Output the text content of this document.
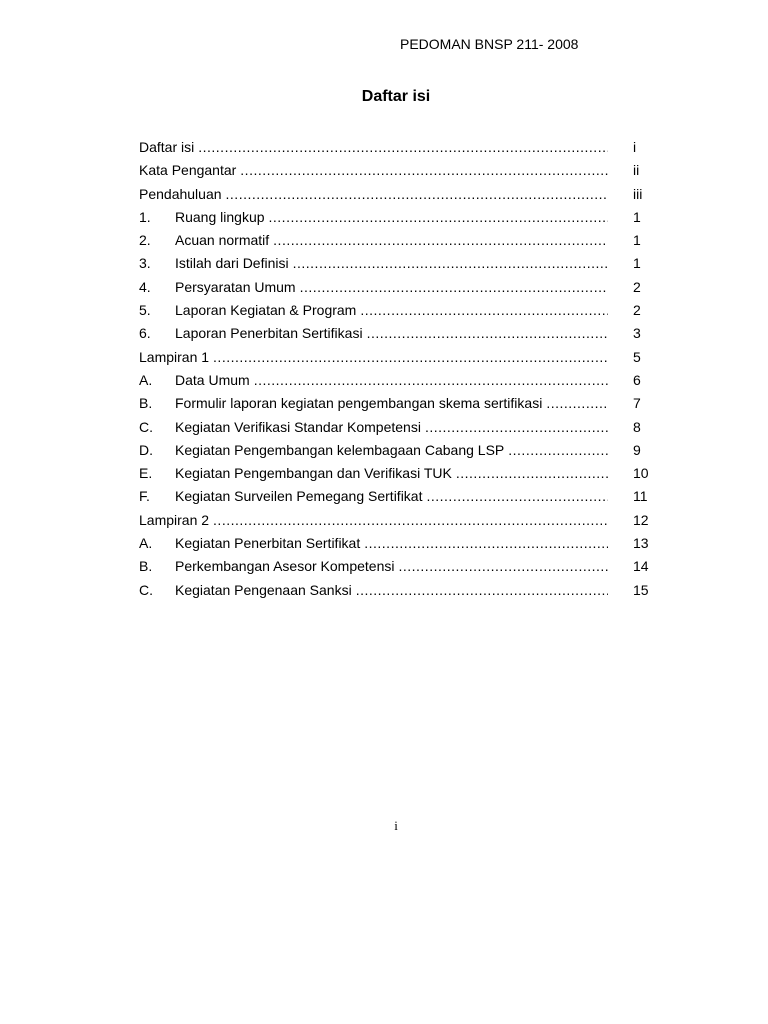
PEDOMAN BNSP 211- 2008
Daftar isi
Daftar isi .....	i
Kata Pengantar .....	ii
Pendahuluan .....	iii
1.	Ruang lingkup .....	1
2.	Acuan normatif .....	1
3.	Istilah dari Definisi .....	1
4.	Persyaratan Umum .....	2
5.	Laporan Kegiatan & Program .....	2
6.	Laporan Penerbitan Sertifikasi .....	3
Lampiran 1 .....	5
A.	Data Umum .....	6
B.	Formulir laporan kegiatan pengembangan skema sertifikasi .....	7
C.	Kegiatan Verifikasi Standar Kompetensi .....	8
D.	Kegiatan Pengembangan kelembagaan Cabang LSP .....	9
E.	Kegiatan Pengembangan dan Verifikasi TUK .....	10
F.	Kegiatan Surveilen Pemegang Sertifikat .....	11
Lampiran 2 .....	12
A.	Kegiatan Penerbitan Sertifikat .....	13
B.	Perkembangan Asesor Kompetensi .....	14
C.	Kegiatan Pengenaan Sanksi .....	15
i
